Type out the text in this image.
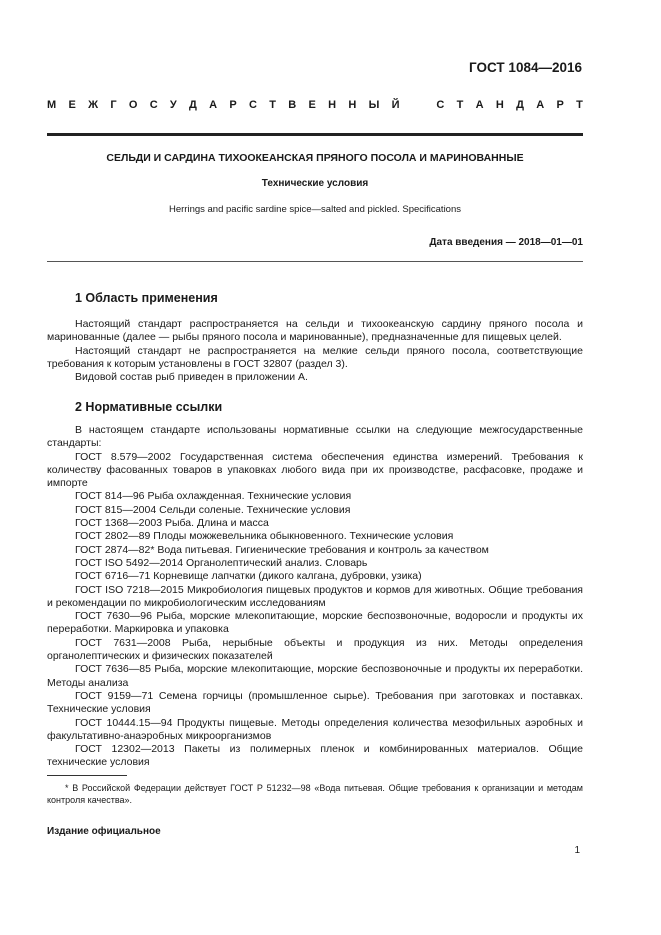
ГОСТ 1084—2016
М Е Ж Г О С У Д А Р С Т В Е Н Н Ы Й	С Т А Н Д А Р Т
СЕЛЬДИ И САРДИНА ТИХООКЕАНСКАЯ ПРЯНОГО ПОСОЛА И МАРИНОВАННЫЕ
Технические условия
Herrings and pacific sardine spice—salted and pickled. Specifications
Дата введения — 2018—01—01
1 Область применения

Настоящий стандарт распространяется на сельди и тихоокеанскую сардину пряного посола и маринованные (далее — рыбы пряного посола и маринованные), предназначенные для пищевых целей.

Настоящий стандарт не распространяется на мелкие сельди пряного посола, соответствующие требования к которым установлены в ГОСТ 32807 (раздел 3).

Видовой состав рыб приведен в приложении А.

2 Нормативные ссылки

В настоящем стандарте использованы нормативные ссылки на следующие межгосударственные стандарты:

ГОСТ 8.579—2002 Государственная система обеспечения единства измерений. Требования к количеству фасованных товаров в упаковках любого вида при их производстве, расфасовке, продаже и импорте

ГОСТ 814—96 Рыба охлажденная. Технические условия

ГОСТ 815—2004 Сельди соленые. Технические условия

ГОСТ 1368—2003 Рыба. Длина и масса

ГОСТ 2802—89 Плоды можжевельника обыкновенного. Технические условия

ГОСТ 2874—82* Вода питьевая. Гигиенические требования и контроль за качеством

ГОСТ ISO 5492—2014 Органолептический анализ. Словарь

ГОСТ 6716—71 Корневище лапчатки (дикого калгана, дубровки, узика)

ГОСТ ISO 7218—2015 Микробиология пищевых продуктов и кормов для животных. Общие требования и рекомендации по микробиологическим исследованиям

ГОСТ 7630—96 Рыба, морские млекопитающие, морские беспозвоночные, водоросли и продукты их переработки. Маркировка и упаковка

ГОСТ 7631—2008 Рыба, нерыбные объекты и продукция из них. Методы определения органолептических и физических показателей

ГОСТ 7636—85 Рыба, морские млекопитающие, морские беспозвоночные и продукты их переработки. Методы анализа

ГОСТ 9159—71 Семена горчицы (промышленное сырье). Требования при заготовках и поставках. Технические условия

ГОСТ 10444.15—94 Продукты пищевые. Методы определения количества мезофильных аэробных и факультативно-анаэробных микроорганизмов

ГОСТ 12302—2013 Пакеты из полимерных пленок и комбинированных материалов. Общие технические условия

* В Российской Федерации действует ГОСТ Р 51232—98 «Вода питьевая. Общие требования к организации и методам контроля качества».

Издание официальное
1
